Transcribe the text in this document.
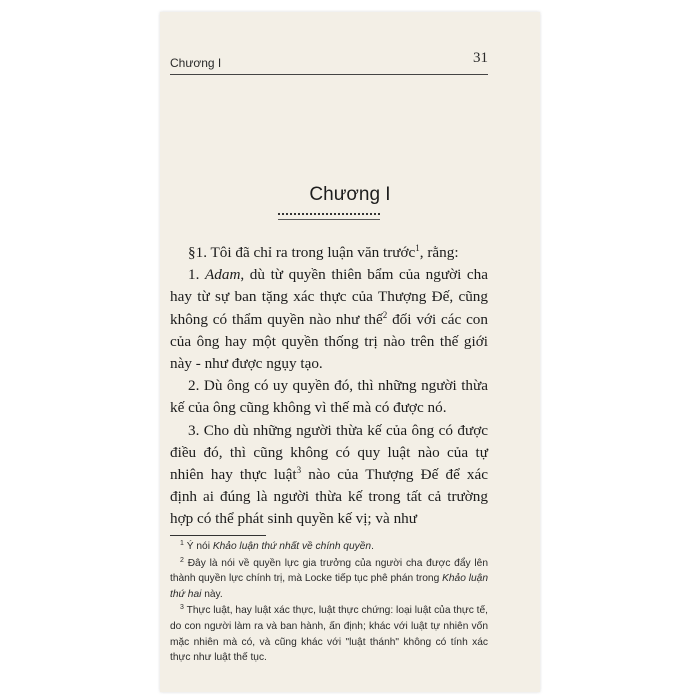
Chương I	31
Chương I

§1. Tôi đã chỉ ra trong luận văn trước$^1$, rằng:

1. Adam, dù từ quyền thiên bẩm của người cha hay từ sự ban tặng xác thực của Thượng Đế, cũng không có thẩm quyền nào như thế$^2$ đối với các con của ông hay một quyền thống trị nào trên thế giới này - như được ngụy tạo.

2. Dù ông có uy quyền đó, thì những người thừa kế của ông cũng không vì thế mà có được nó.

3. Cho dù những người thừa kế của ông có được điều đó, thì cũng không có quy luật nào của tự nhiên hay thực luật$^3$ nào của Thượng Đế để xác định ai đúng là người thừa kế trong tất cả trường hợp có thể phát sinh quyền kế vị; và như

$^1$ Ý nói Khảo luận thứ nhất về chính quyền.

$^2$ Đây là nói về quyền lực gia trưởng của người cha được đẩy lên thành quyền lực chính trị, mà Locke tiếp tục phê phán trong Khảo luận thứ hai này.

$^3$ Thực luật, hay luật xác thực, luật thực chứng: loại luật của thực tế, do con người làm ra và ban hành, ấn định; khác với luật tự nhiên vốn mặc nhiên mà có, và cũng khác với "luật thánh" không có tính xác thực như luật thế tục.
